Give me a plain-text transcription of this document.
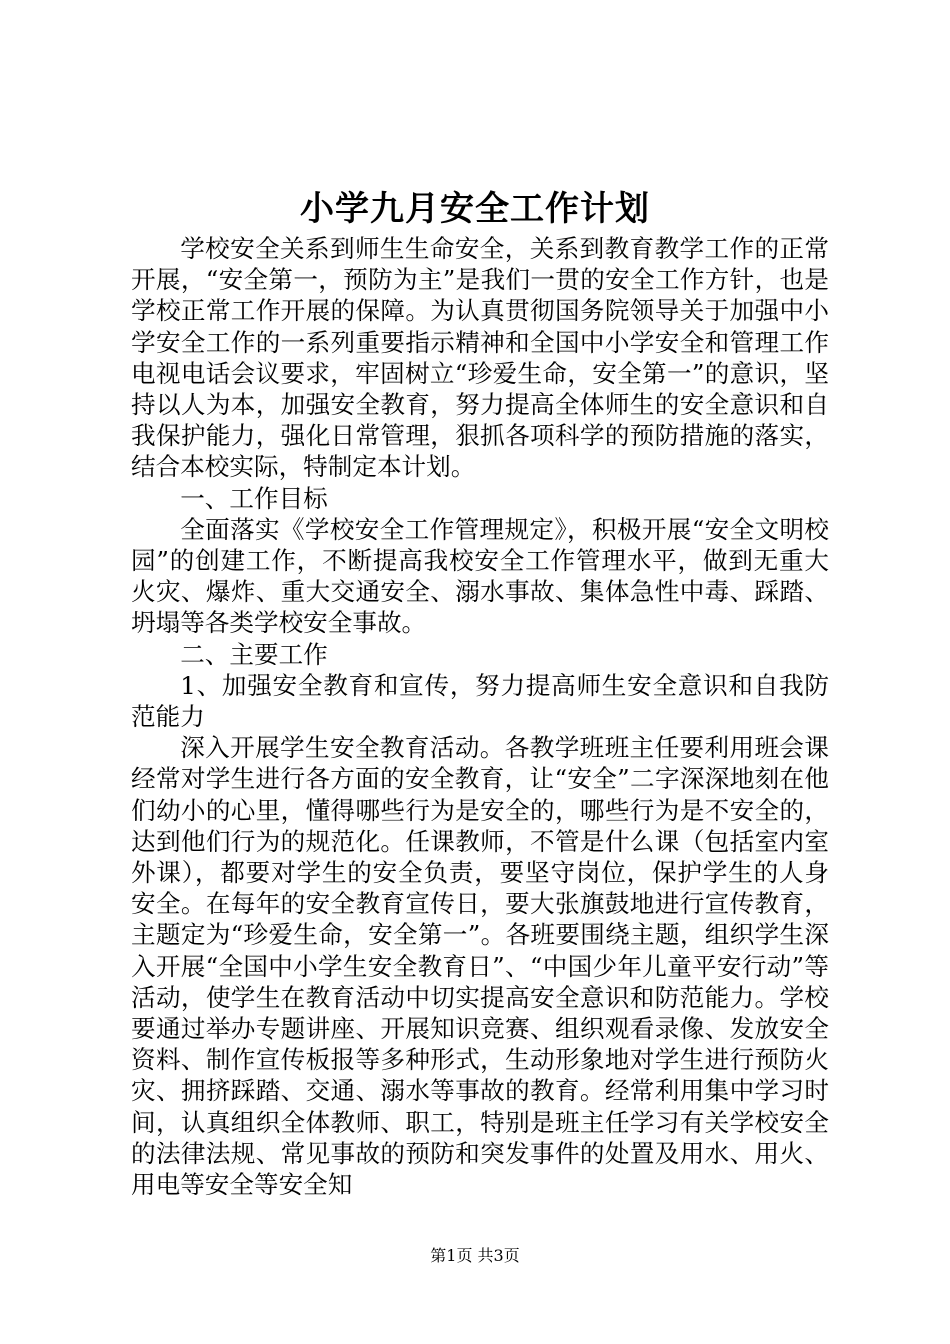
小学九月安全工作计划

学校安全关系到师生生命安全，关系到教育教学工作的正常开展，“安全第一，预防为主”是我们一贯的安全工作方针，也是学校正常工作开展的保障。为认真贯彻国务院领导关于加强中小学安全工作的一系列重要指示精神和全国中小学安全和管理工作电视电话会议要求，牢固树立“珍爱生命，安全第一”的意识，坚持以人为本，加强安全教育，努力提高全体师生的安全意识和自我保护能力，强化日常管理，狠抓各项科学的预防措施的落实，结合本校实际，特制定本计划。

一、工作目标

全面落实《学校安全工作管理规定》，积极开展“安全文明校园”的创建工作，不断提高我校安全工作管理水平，做到无重大火灾、爆炸、重大交通安全、溺水事故、集体急性中毒、踩踏、坍塌等各类学校安全事故。

二、主要工作

1、加强安全教育和宣传，努力提高师生安全意识和自我防范能力

深入开展学生安全教育活动。各教学班班主任要利用班会课经常对学生进行各方面的安全教育，让“安全”二字深深地刻在他们幼小的心里，懂得哪些行为是安全的，哪些行为是不安全的，达到他们行为的规范化。任课教师，不管是什么课（包括室内室外课），都要对学生的安全负责，要坚守岗位，保护学生的人身安全。在每年的安全教育宣传日，要大张旗鼓地进行宣传教育，主题定为“珍爱生命，安全第一”。各班要围绕主题，组织学生深入开展“全国中小学生安全教育日”、“中国少年儿童平安行动”等活动，使学生在教育活动中切实提高安全意识和防范能力。学校要通过举办专题讲座、开展知识竞赛、组织观看录像、发放安全资料、制作宣传板报等多种形式，生动形象地对学生进行预防火灾、拥挤踩踏、交通、溺水等事故的教育。经常利用集中学习时间，认真组织全体教师、职工，特别是班主任学习有关学校安全的法律法规、常见事故的预防和突发事件的处置及用水、用火、用电等安全等安全知

第1页 共3页
